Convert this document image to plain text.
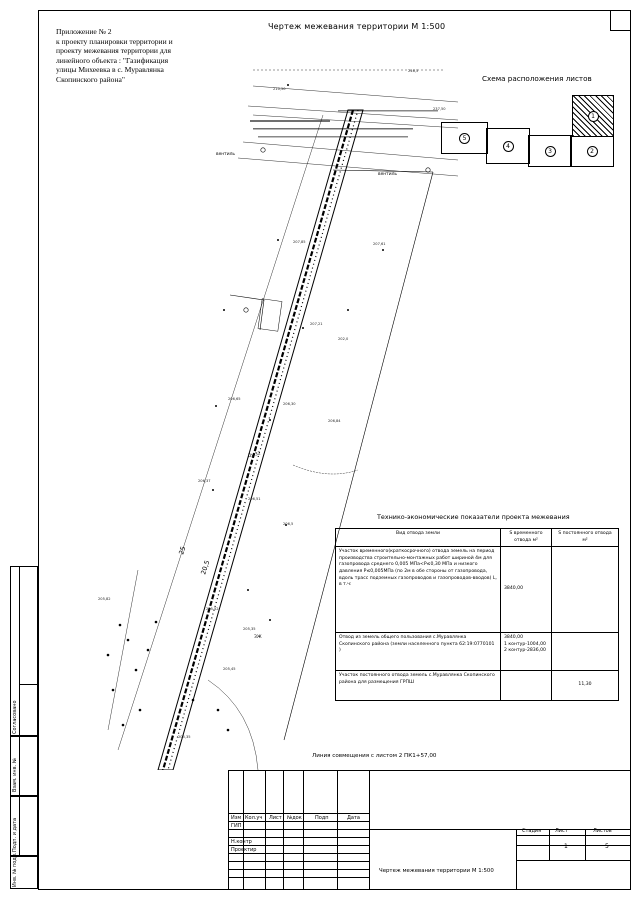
210,50
246,5
237,50
207,85	207,61
207,21
202,0
206,65
206,30
206,84
206,37
206,51
206,5
205,82
205,52
205,35
205,45
205,35
25
20,5
вентиль
вентиль
Ду 32
ЗЖ
Приложение № 2
к проекту планировки территории и
проекту межевания территории для
линейного объекта : "Газификация
улицы Михеевка в с. Муравлянка
Скопинского района"
Чертеж межевания территории М 1:500
Схема расположения листов
5
4
3	2
1
Технико-экономические показатели проекта межевания
Вид отвода земли	S временного отвода м²	S постоянного отвода м²
Участок временного(краткосрочного) отвода земель на период производства строительно-монтажных работ шириной 4м для газопровода среднего 0,005 МПа<Р≤0,30 МПа и низкого давления Р≤0,005МПа (по 2м в обе стороны от газопровода, вдоль трасс подземных газопроводов и газопроводов-вводов) L, в т.ч:	3840,00	
Отвод из земель общего пользования с.Муравлянка Скопинского района (земли населенного пункта 62:19:0770101 )	3840,00
1 контур-1004,00
2 контур-2836,00	
Участок постоянного отвода земель с.Муравлянка Скопинского района для размещения ГРПШ		11,30
Линия совмещения с листом 2 ПК1+57,00
Изм Кол.уч Лист №док	Подп	Дата
ГИП
Н.контр
Проектир
Стадия	Лист	Листов
1	5
Чертеж межевания территории М 1:500
Согласовано
Взам. инв. №
Подп. и дата
Инв. № подл.
